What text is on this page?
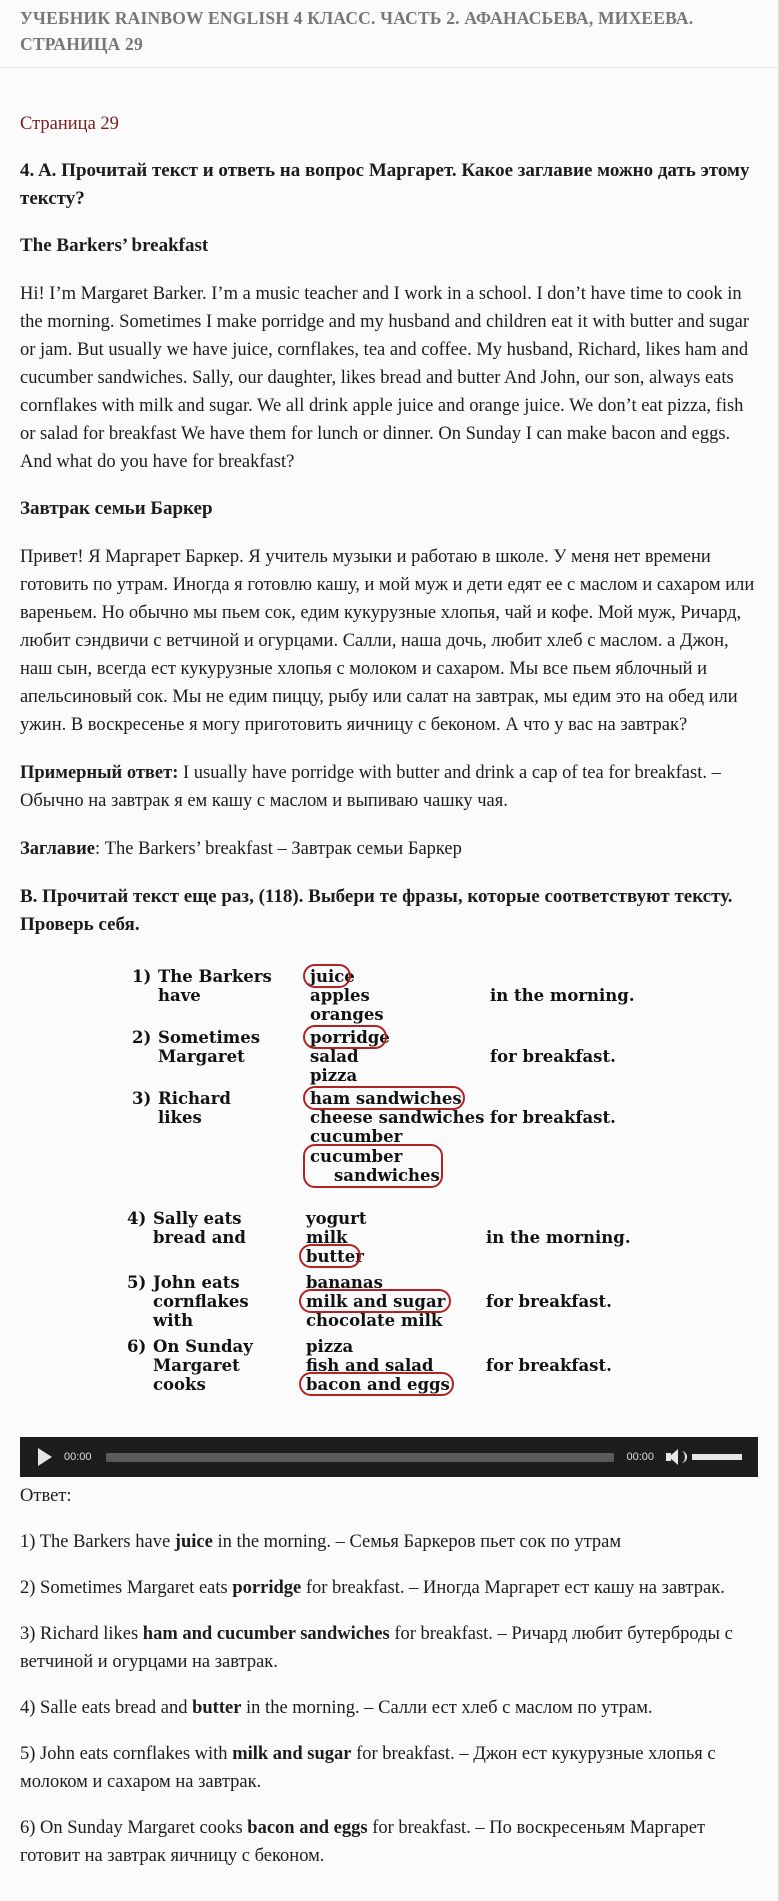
УЧЕБНИК RAINBOW ENGLISH 4 КЛАСС. ЧАСТЬ 2. АФАНАСЬЕВА, МИХЕЕВА. СТРАНИЦА 29

Страница 29

4. A. Прочитай текст и ответь на вопрос Маргарет. Какое заглавие можно дать этому тексту?

The Barkers’ breakfast

Hi! I’m Margaret Barker. I’m a music teacher and I work in a school. I don’t have time to cook in the morning. Sometimes I make porridge and my husband and children eat it with butter and sugar or jam. But usually we have juice, cornflakes, tea and coffee. My husband, Richard, likes ham and cucumber sandwiches. Sally, our daughter, likes bread and butter And John, our son, always eats cornflakes with milk and sugar. We all drink apple juice and orange juice. We don’t eat pizza, fish or salad for breakfast We have them for lunch or dinner. On Sunday I can make bacon and eggs. And what do you have for breakfast?

Завтрак семьи Баркер

Привет! Я Маргарет Баркер. Я учитель музыки и работаю в школе. У меня нет времени готовить по утрам. Иногда я готовлю кашу, и мой муж и дети едят ее с маслом и сахаром или вареньем. Но обычно мы пьем сок, едим кукурузные хлопья, чай и кофе. Мой муж, Ричард, любит сэндвичи с ветчиной и огурцами. Салли, наша дочь, любит хлеб с маслом. а Джон, наш сын, всегда ест кукурузные хлопья с молоком и сахаром. Мы все пьем яблочный и апельсиновый сок. Мы не едим пиццу, рыбу или салат на завтрак, мы едим это на обед или ужин. В воскресенье я могу приготовить яичницу с беконом. А что у вас на завтрак?

Примерный ответ: I usually have porridge with butter and drink a cap of tea for breakfast. – Обычно на завтрак я ем кашу с маслом и выпиваю чашку чая.

Заглавие: The Barkers’ breakfast – Завтрак семьи Баркер

B. Прочитай текст еще раз, (118). Выбери те фразы, которые соответствуют тексту. Проверь себя.

1) The Barkers
have
juice
apples
oranges
in the morning.
2) Sometimes
Margaret
porridge
salad
pizza
for breakfast.
3) Richard
likes
ham sandwiches
cheese sandwiches
cucumber
cucumber
sandwiches
for breakfast.
4) Sally eats
bread and
yogurt
milk
butter
in the morning.
5) John eats
cornflakes
with
bananas
milk and sugar
chocolate milk
for breakfast.
6) On Sunday
Margaret
cooks
pizza
fish and salad
bacon and eggs
for breakfast.
00:00	00:00

Ответ:

1) The Barkers have juice in the morning. – Семья Баркеров пьет сок по утрам

2) Sometimes Margaret eats porridge for breakfast. – Иногда Маргарет ест кашу на завтрак.

3) Richard likes ham and cucumber sandwiches for breakfast. – Ричард любит бутерброды с ветчиной и огурцами на завтрак.

4) Salle eats bread and butter in the morning. – Салли ест хлеб с маслом по утрам.

5) John eats cornflakes with milk and sugar for breakfast. – Джон ест кукурузные хлопья с молоком и сахаром на завтрак.

6) On Sunday Margaret cooks bacon and eggs for breakfast. – По воскресеньям Маргарет готовит на завтрак яичницу с беконом.
